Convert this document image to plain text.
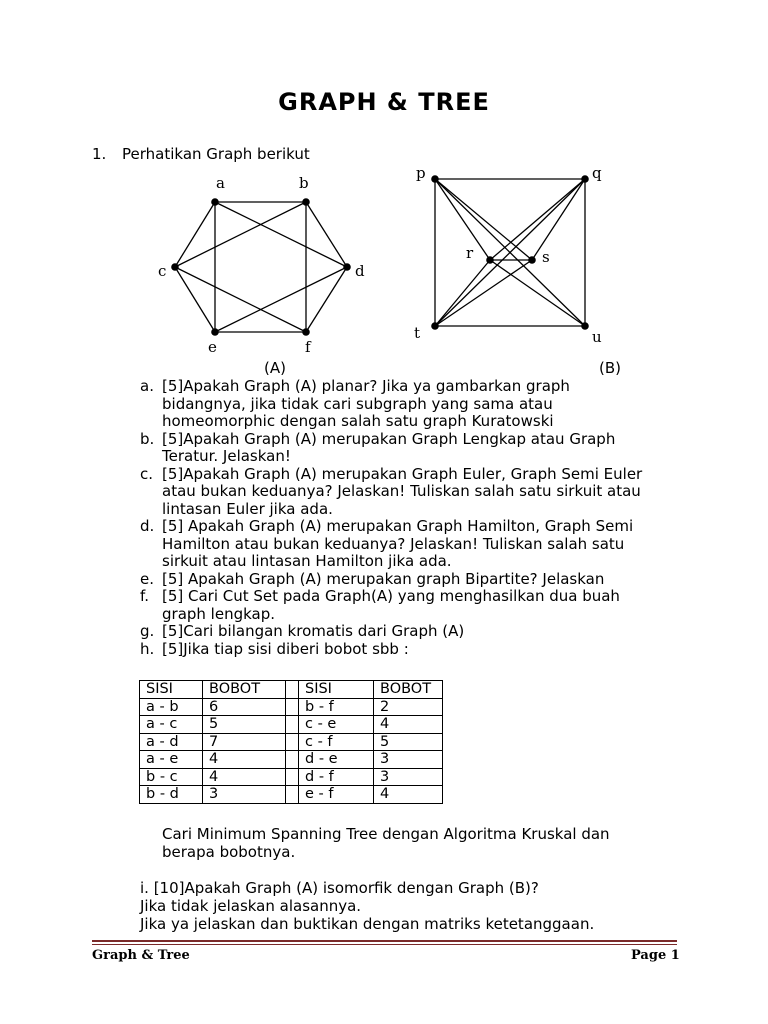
GRAPH & TREE
1. Perhatikan Graph berikut
a	b
c	d
e	f
(A)
p	q
r	s
t	u
(B)
a. [5]Apakah Graph (A) planar? Jika ya gambarkan graph
bidangnya, jika tidak cari subgraph yang sama atau
homeomorphic dengan salah satu graph Kuratowski
b. [5]Apakah Graph (A) merupakan Graph Lengkap atau Graph
Teratur. Jelaskan!
c. [5]Apakah Graph (A) merupakan Graph Euler, Graph Semi Euler
atau bukan keduanya? Jelaskan! Tuliskan salah satu sirkuit atau
lintasan Euler jika ada.
d. [5] Apakah Graph (A) merupakan Graph Hamilton, Graph Semi
Hamilton atau bukan keduanya? Jelaskan! Tuliskan salah satu
sirkuit atau lintasan Hamilton jika ada.
e. [5] Apakah Graph (A) merupakan graph Bipartite? Jelaskan
f. [5] Cari Cut Set pada Graph(A) yang menghasilkan dua buah
graph lengkap.
g. [5]Cari bilangan kromatis dari Graph (A)
h. [5]Jika tiap sisi diberi bobot sbb :
SISI	BOBOT		SISI	BOBOT
a - b	6		b - f	2
a - c	5		c - e	4
a - d	7		c - f	5
a - e	4		d - e	3
b - c	4		d - f	3
b - d	3		e - f	4
Cari Minimum Spanning Tree dengan Algoritma Kruskal dan
berapa bobotnya.
i. [10]Apakah Graph (A) isomorfik dengan Graph (B)?
Jika tidak jelaskan alasannya.
Jika ya jelaskan dan buktikan dengan matriks ketetanggaan.
Graph & Tree	Page 1
